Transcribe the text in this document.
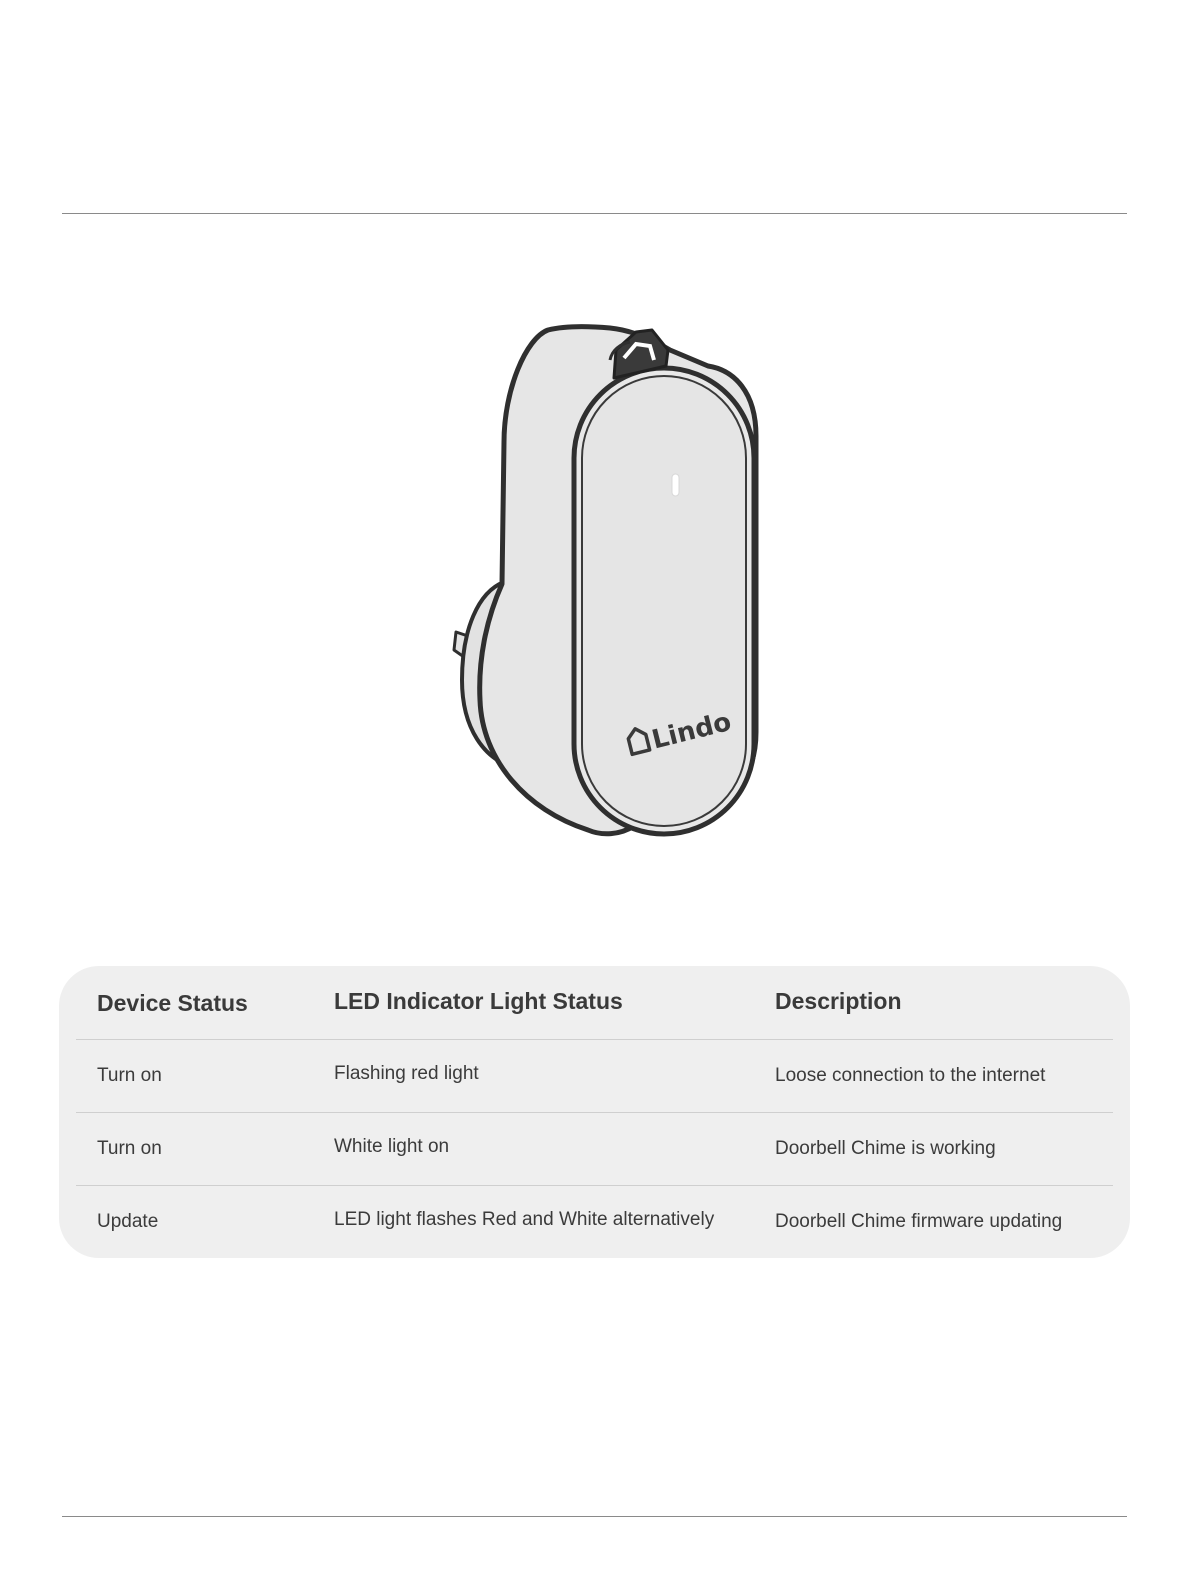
Lindo
Device Status	LED Indicator Light Status	Description
Turn on	Flashing red light	Loose connection to the internet
Turn on	White light on	Doorbell Chime is working
Update	LED light flashes Red and White alternatively	Doorbell Chime firmware updating
